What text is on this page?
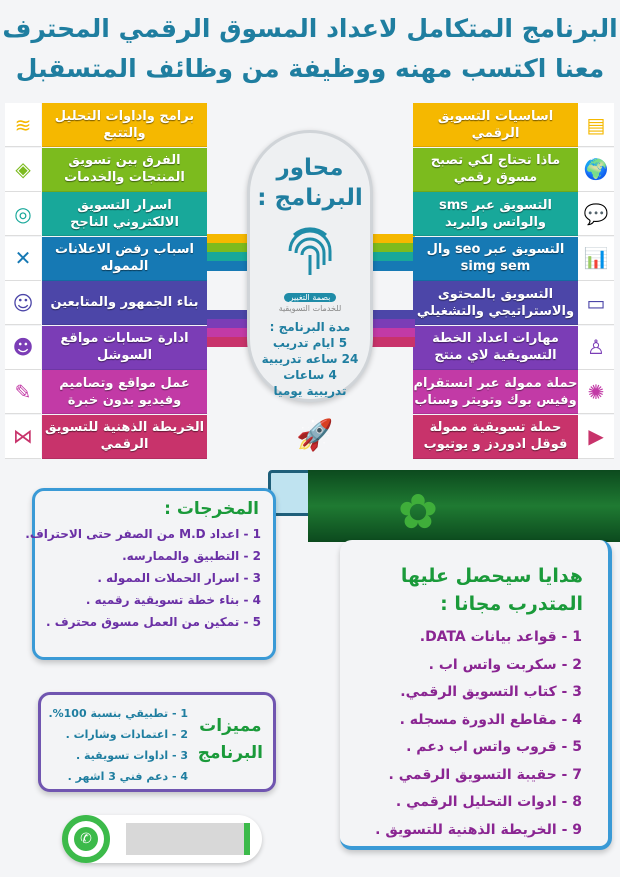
البرنامج المتكامل لاعداد المسوق الرقمي المحترف
معنا اكتسب مهنه ووظيفة من وظائف المتسقبل
برامج واداوات التحليل والتتبع
≋
الفرق بين تسويق المنتجات والخدمات
◈
اسرار التسويق الالكتروني الناجح
◎
اسباب رفض الاعلانات المموله
✕
بناء الجمهور والمتابعين
☺
ادارة حسابات مواقع السوشل
☻
عمل مواقع وتصاميم وفيديو بدون خبرة
✎
الخريطة الذهنية للتسويق الرقمي
⋈
اساسيات التسويق الرقمي	▤
ماذا تحتاج لكي تصبح مسوق رقمي	🌍
التسويق عبر sms والواتس والبريد	💬
التسويق عبر seo وال simg sem	📊
التسويق بالمحتوى والاستراتيجي والتشغيلي ▭
مهارات اعداد الخطة التسويقية لاي منتج	♙
حملة ممولة عبر انستقرام وفيس بوك وتويتر وسناب ✺
حملة تسويقية ممولة قوقل ادوردز و يوتيوب	▶
محاور
البرنامج :
بصمة التغيير
للخدمات التسويقية
مدة البرنامج :
5 ايام تدريب
24 ساعه تدريبية
4 ساعات
تدريبية يوميا
🚀
✿
المخرجات :

1 - اعداد M.D من الصفر حتى الاحتراف.

2 - التطبيق والممارسه.

3 - اسرار الحملات المموله .

4 - بناء خطة تسويقية رقميه .

5 - تمكين من العمل مسوق محترف .

مميزات
البرنامج
1 - تطبيقي بنسبة 100%.
2 - اعتمادات وشارات .
3 - اداوات تسويقية .
4 - دعم فني 3 اشهر .
هدايا سيحصل عليها
المتدرب مجانا :

1 - قواعد بيانات DATA.

2 - سكربت واتس اب .

3 - كتاب التسويق الرقمي.

4 - مقاطع الدورة مسجله .

5 - قروب واتس اب دعم .

7 - حقيبة التسويق الرقمي .

8 - ادوات التحليل الرقمي .

9 - الخريطة الذهنية للتسويق .

✆
